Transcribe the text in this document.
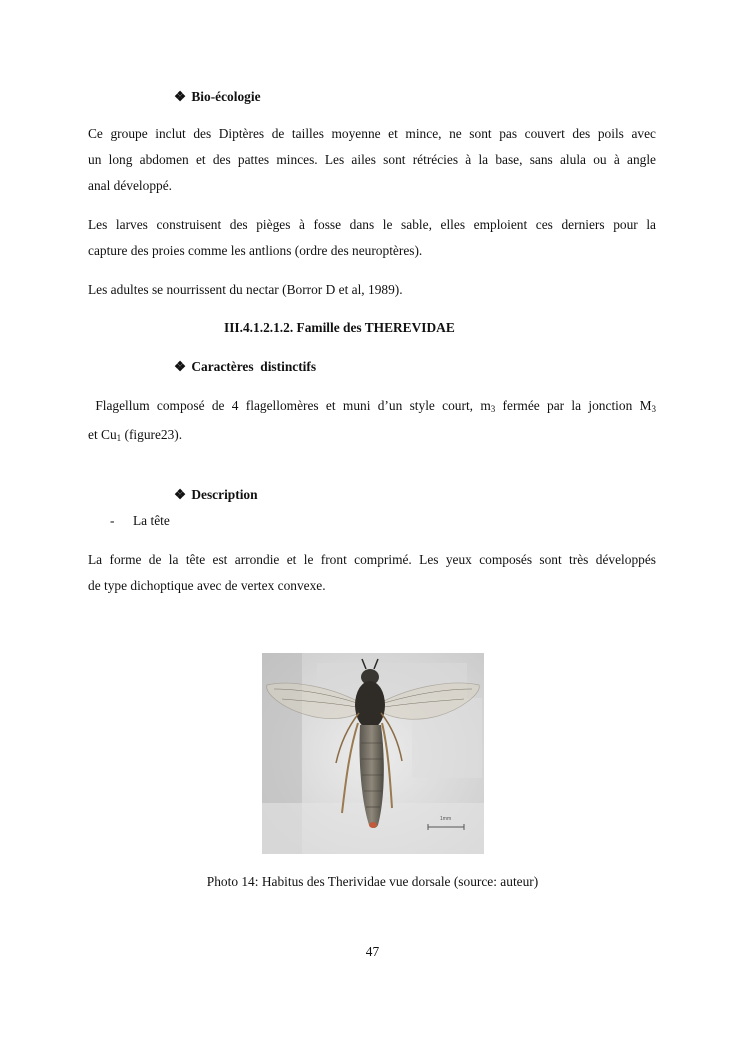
❖ Bio-écologie
Ce groupe inclut des Diptères de tailles moyenne et mince, ne sont pas couvert des poils avec
un long abdomen et des pattes minces. Les ailes sont rétrécies à la base, sans alula ou à angle
anal développé.
Les larves construisent des pièges à fosse dans le sable, elles emploient ces derniers pour la
capture des proies comme les antlions (ordre des neuroptères).
Les adultes se nourrissent du nectar (Borror D et al, 1989).
III.4.1.2.1.2. Famille des THEREVIDAE
❖ Caractères  distinctifs
Flagellum composé de 4 flagellomères et muni d’un style court, $m_3$ fermée par la jonction $M_3$
et $Cu_1$ (figure23).
❖ Description
- La tête
La forme de la tête est arrondie et le front comprimé. Les yeux composés sont très développés
de type dichoptique avec de vertex convexe.
1mm
Photo 14: Habitus des Therividae vue dorsale (source: auteur)
47
